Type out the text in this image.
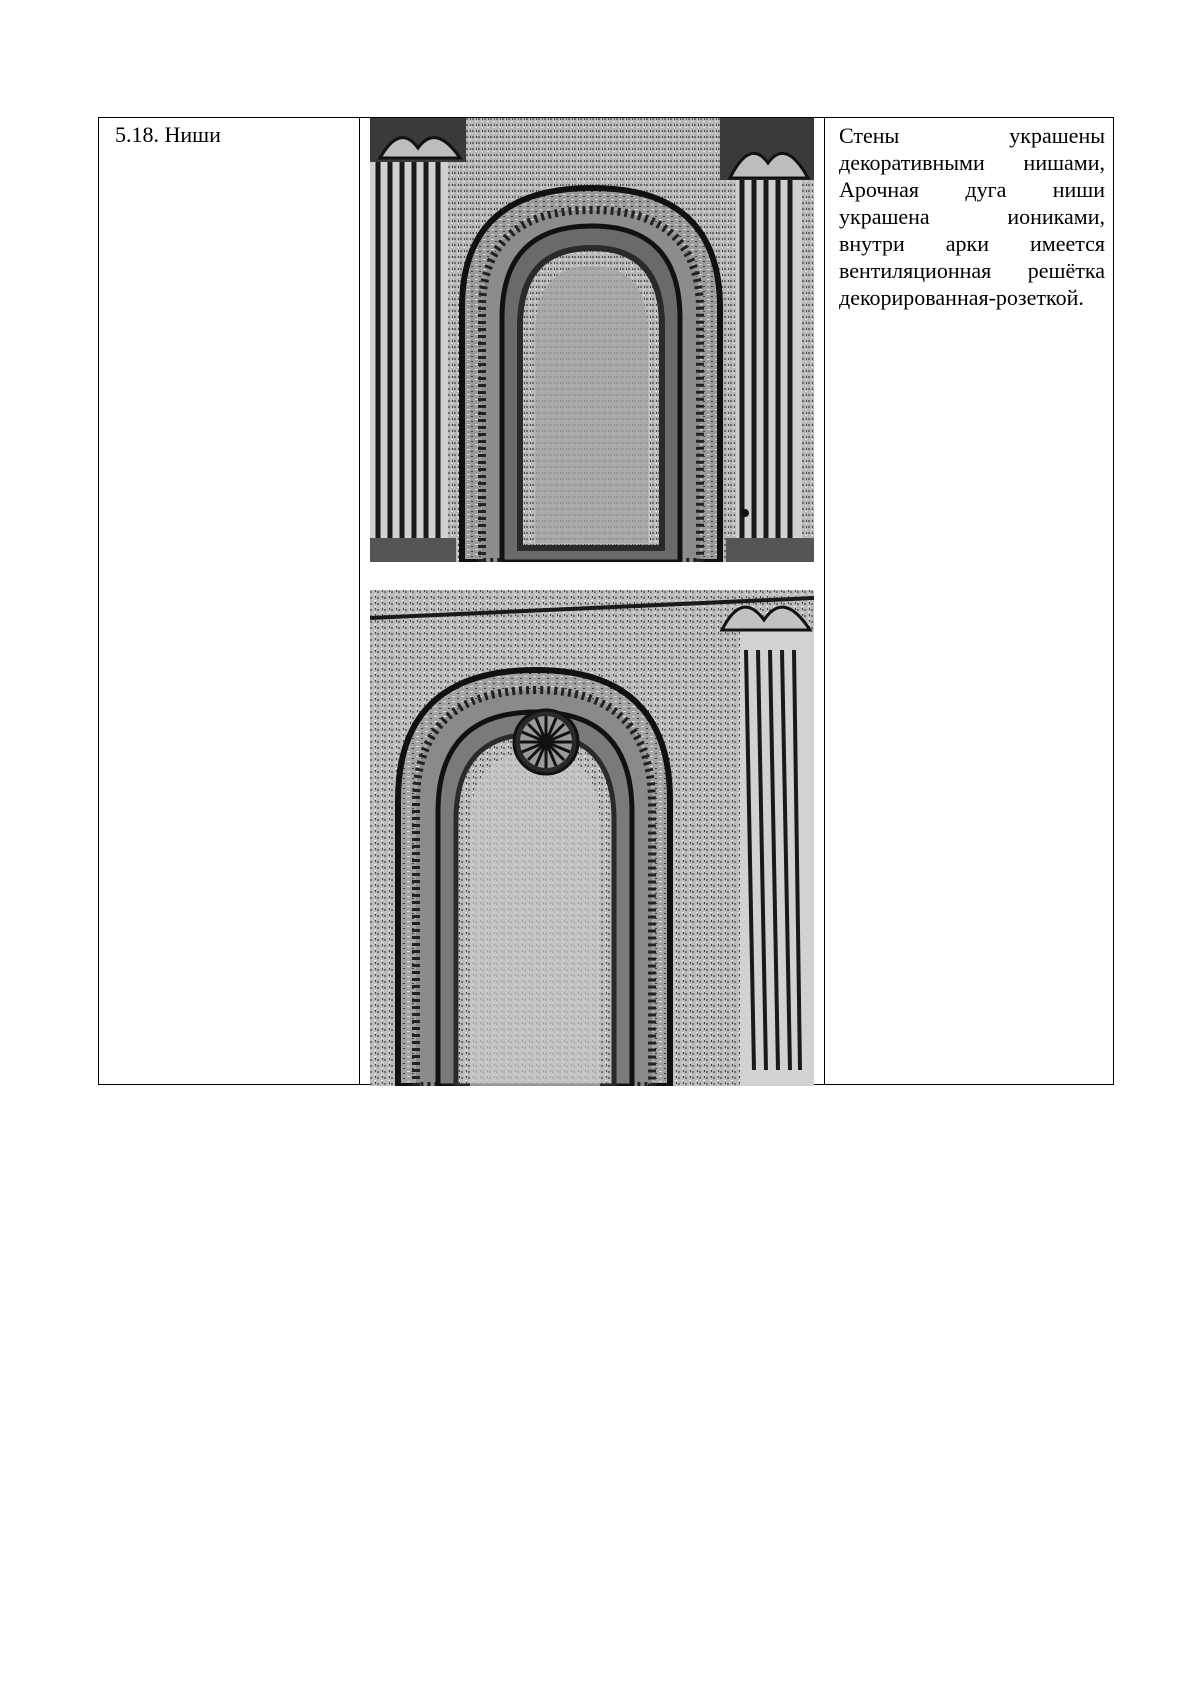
5.18. Ниши		Стены украшены декоративными нишами, Арочная дуга ниши украшена иониками, внутри арки имеется вентиляционная решётка декорированная-розеткой.
